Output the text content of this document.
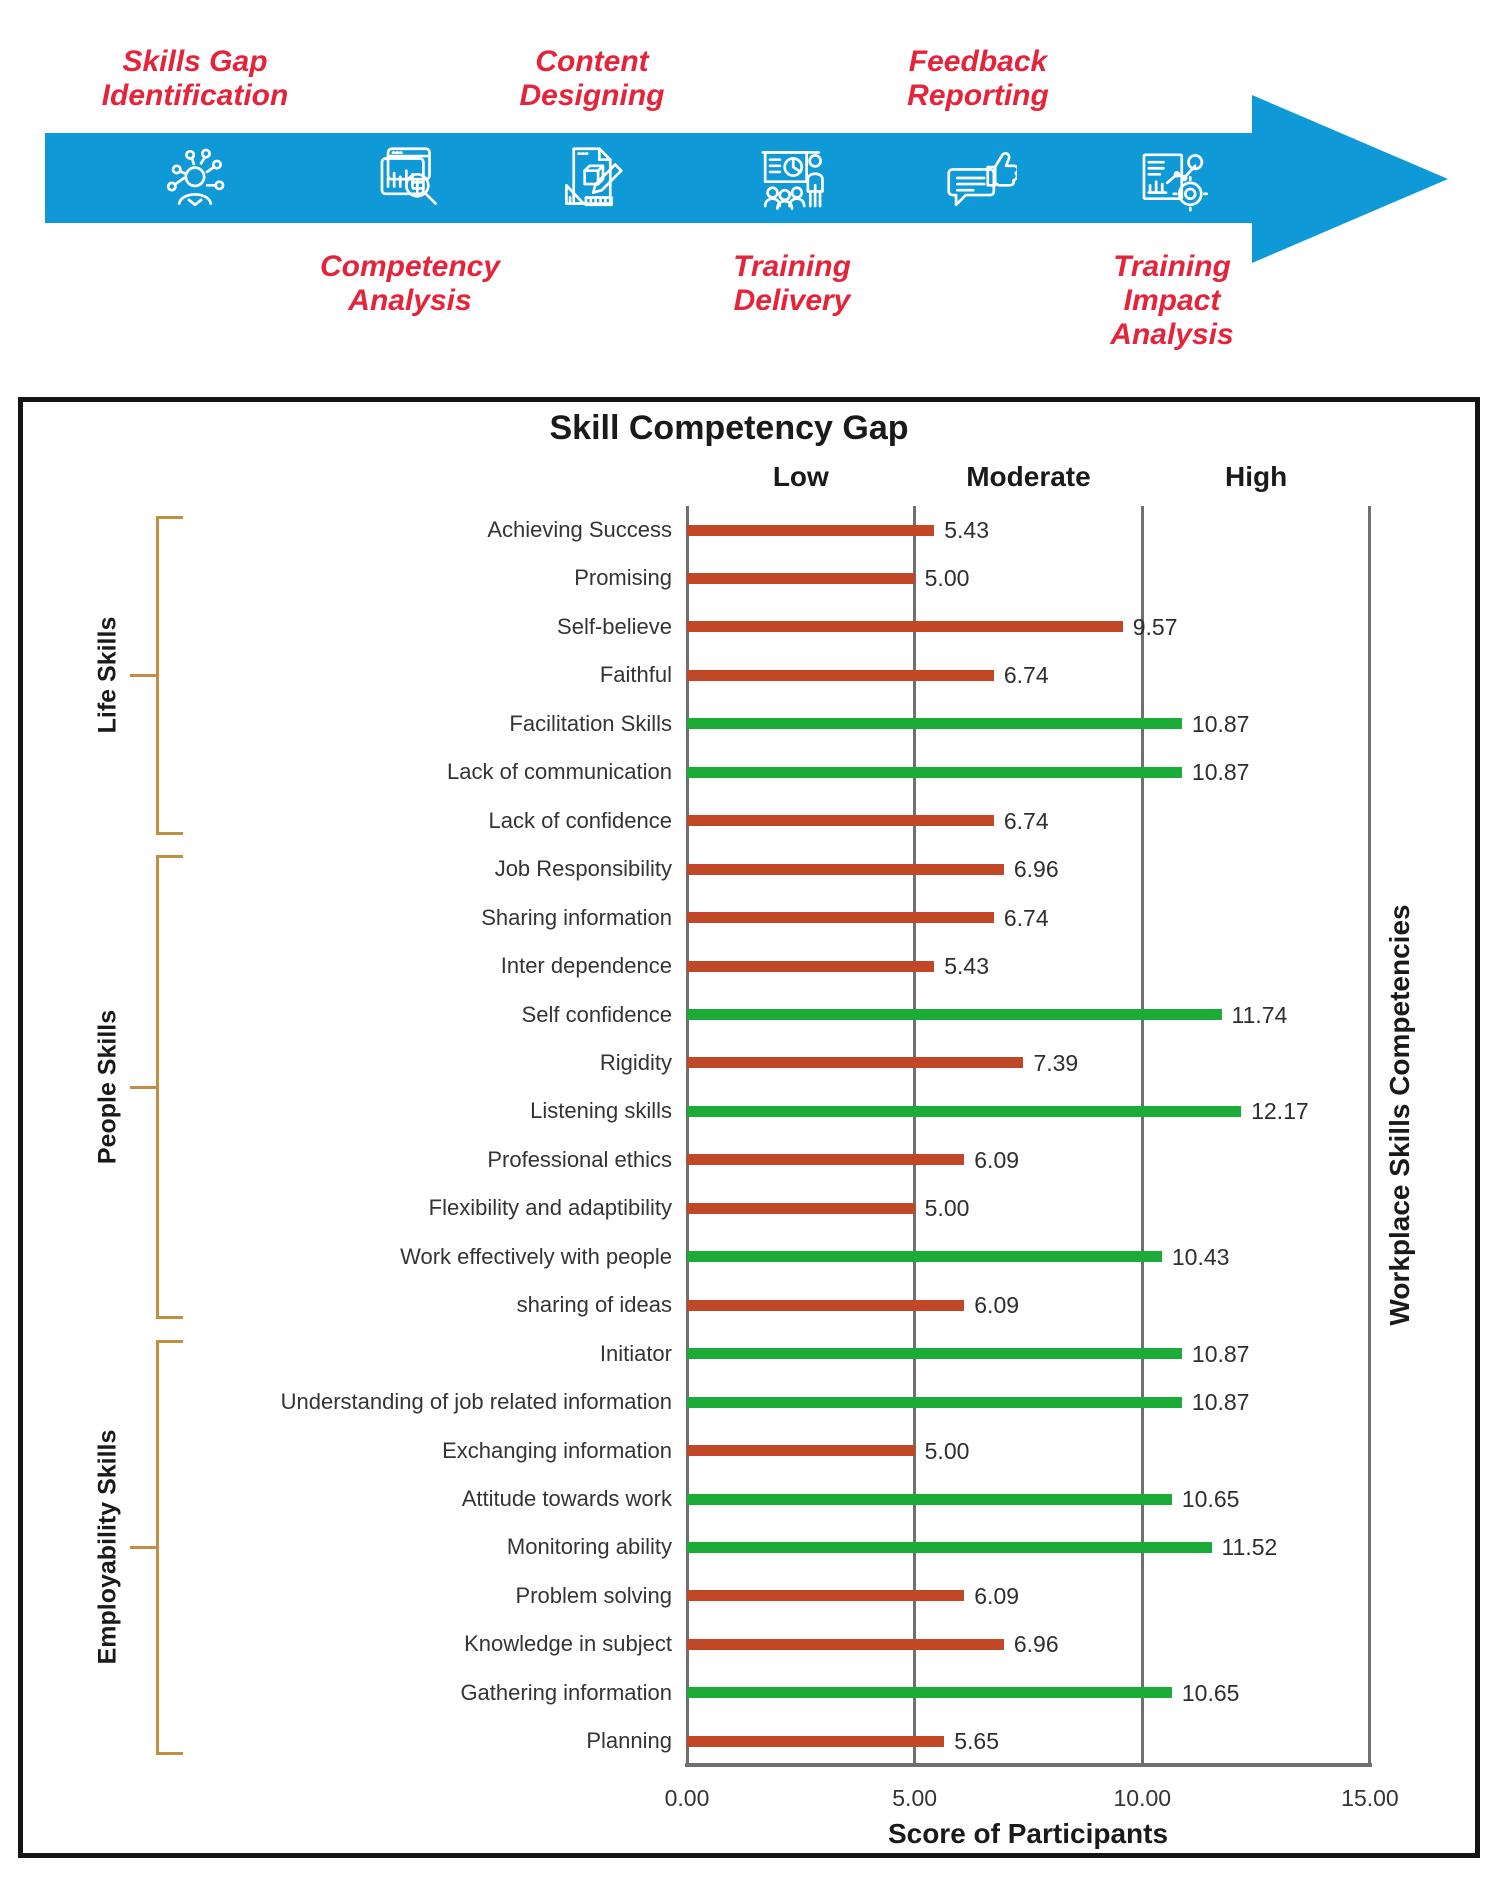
Skills Gap
Identification
Competency
Analysis
Content
Designing
Training
Delivery
Feedback
Reporting
Training
Impact
Analysis
Skill Competency Gap
0.00	5.00	10.00	15.00
Low	Moderate	High
Achieving Success	5.43
Promising	5.00
Self-believe	9.57
Faithful	6.74
Facilitation Skills	10.87
Lack of communication	10.87
Lack of confidence	6.74
Life Skills
Job Responsibility	6.96
Sharing information	6.74
Inter dependence	5.43
Self confidence	11.74
Rigidity	7.39
Listening skills	12.17
Professional ethics	6.09
Flexibility and adaptibility	5.00
Work effectively with people	10.43
sharing of ideas	6.09
People Skills
Initiator	10.87
Understanding of job related information	10.87
Exchanging information	5.00
Attitude towards work	10.65
Monitoring ability	11.52
Problem solving	6.09
Knowledge in subject	6.96
Gathering information	10.65
Planning	5.65
Employability Skills
Score of Participants
Workplace Skills Competencies
